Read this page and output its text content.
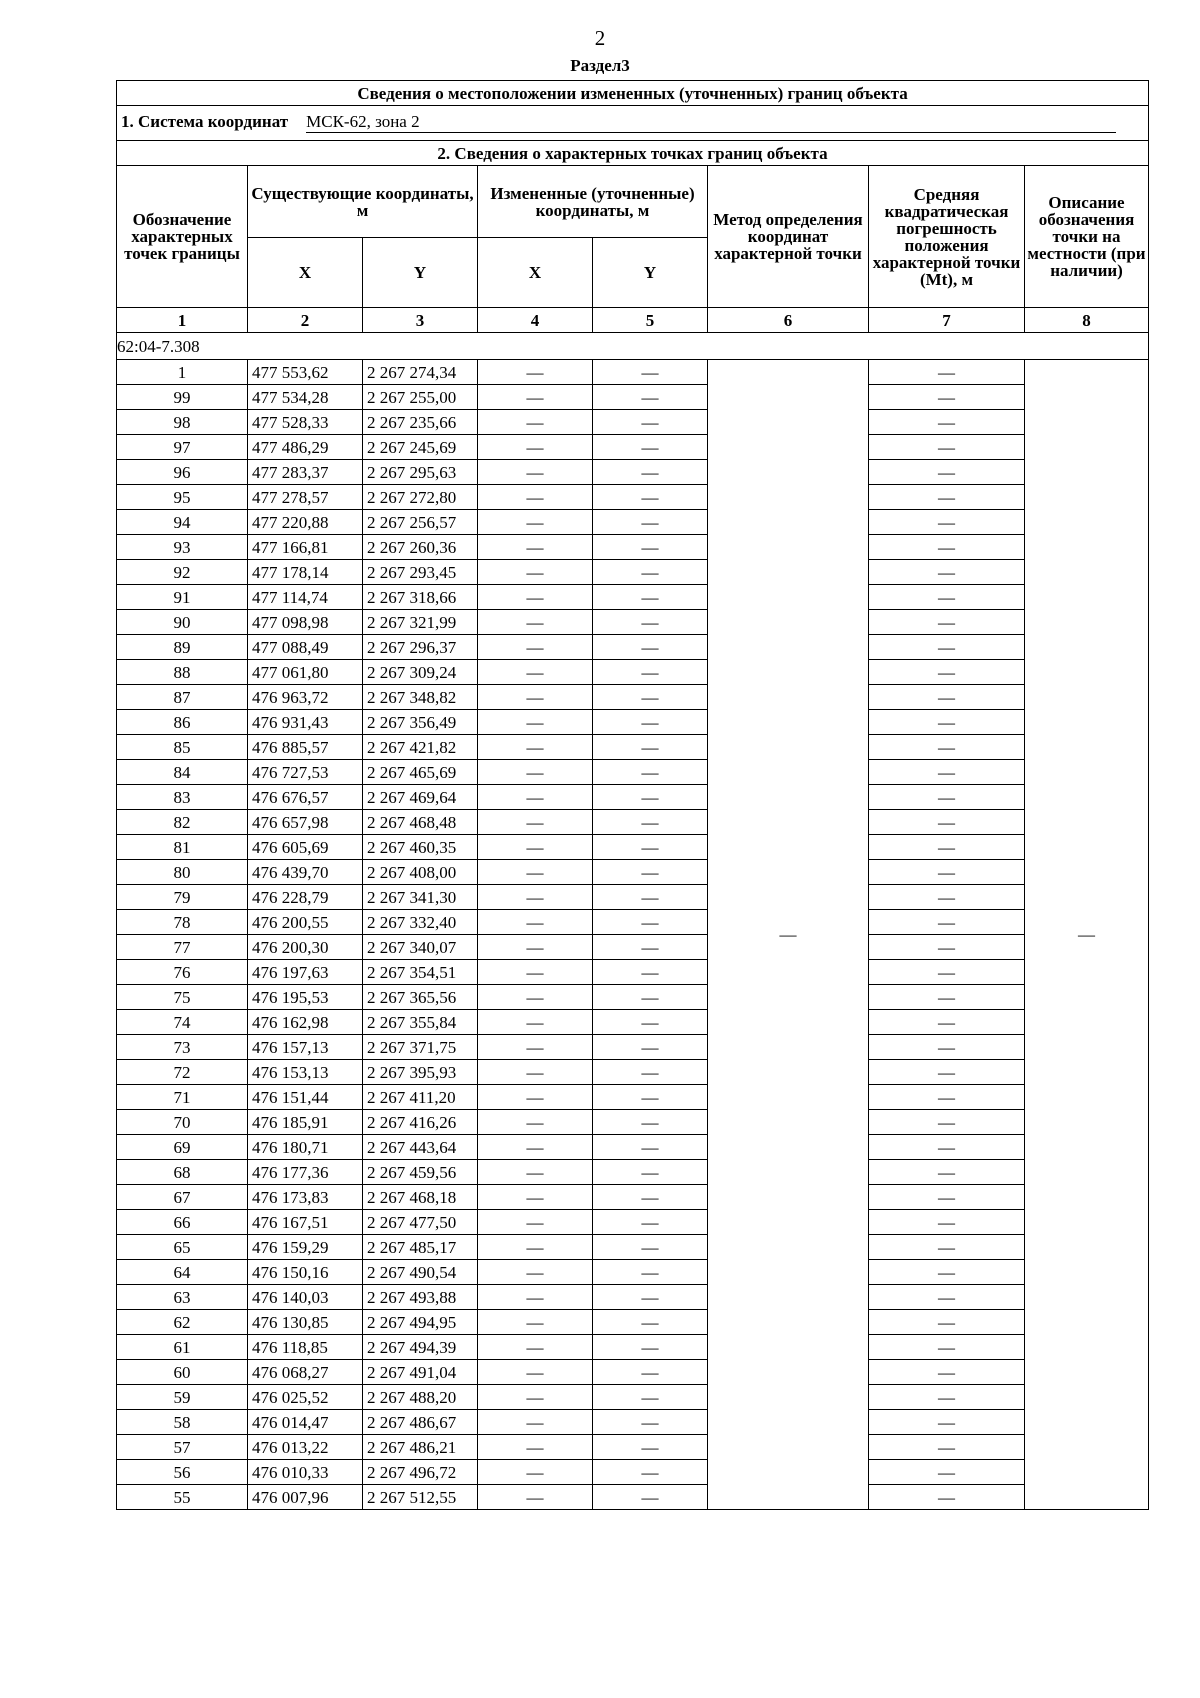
2
Раздел3
Сведения о местоположении измененных (уточненных) границ объекта							
1. Система координат МСК-62, зона 2							
2. Сведения о характерных точках границ объекта							
Обозначение характерных точек границы	Существующие координаты, м		Измененные (уточненные) координаты, м		Метод определения координат характерной точки	Средняя квадратическая погрешность положения характерной точки (Mt), м	Описание обозначения точки на местности (при наличии)
	X	Y	X	Y			
1	2	3	4	5	6	7	8
62:04-7.308							
1	477 553,62	2 267 274,34	—	—	—	—	—
99	477 534,28	2 267 255,00	—	—		—	
98	477 528,33	2 267 235,66	—	—		—	
97	477 486,29	2 267 245,69	—	—		—	
96	477 283,37	2 267 295,63	—	—		—	
95	477 278,57	2 267 272,80	—	—		—	
94	477 220,88	2 267 256,57	—	—		—	
93	477 166,81	2 267 260,36	—	—		—	
92	477 178,14	2 267 293,45	—	—		—	
91	477 114,74	2 267 318,66	—	—		—	
90	477 098,98	2 267 321,99	—	—		—	
89	477 088,49	2 267 296,37	—	—		—	
88	477 061,80	2 267 309,24	—	—		—	
87	476 963,72	2 267 348,82	—	—		—	
86	476 931,43	2 267 356,49	—	—		—	
85	476 885,57	2 267 421,82	—	—		—	
84	476 727,53	2 267 465,69	—	—		—	
83	476 676,57	2 267 469,64	—	—		—	
82	476 657,98	2 267 468,48	—	—		—	
81	476 605,69	2 267 460,35	—	—		—	
80	476 439,70	2 267 408,00	—	—		—	
79	476 228,79	2 267 341,30	—	—		—	
78	476 200,55	2 267 332,40	—	—		—	
77	476 200,30	2 267 340,07	—	—		—	
76	476 197,63	2 267 354,51	—	—		—	
75	476 195,53	2 267 365,56	—	—		—	
74	476 162,98	2 267 355,84	—	—		—	
73	476 157,13	2 267 371,75	—	—		—	
72	476 153,13	2 267 395,93	—	—		—	
71	476 151,44	2 267 411,20	—	—		—	
70	476 185,91	2 267 416,26	—	—		—	
69	476 180,71	2 267 443,64	—	—		—	
68	476 177,36	2 267 459,56	—	—		—	
67	476 173,83	2 267 468,18	—	—		—	
66	476 167,51	2 267 477,50	—	—		—	
65	476 159,29	2 267 485,17	—	—		—	
64	476 150,16	2 267 490,54	—	—		—	
63	476 140,03	2 267 493,88	—	—		—	
62	476 130,85	2 267 494,95	—	—		—	
61	476 118,85	2 267 494,39	—	—		—	
60	476 068,27	2 267 491,04	—	—		—	
59	476 025,52	2 267 488,20	—	—		—	
58	476 014,47	2 267 486,67	—	—		—	
57	476 013,22	2 267 486,21	—	—		—	
56	476 010,33	2 267 496,72	—	—		—	
55	476 007,96	2 267 512,55	—	—		—	
